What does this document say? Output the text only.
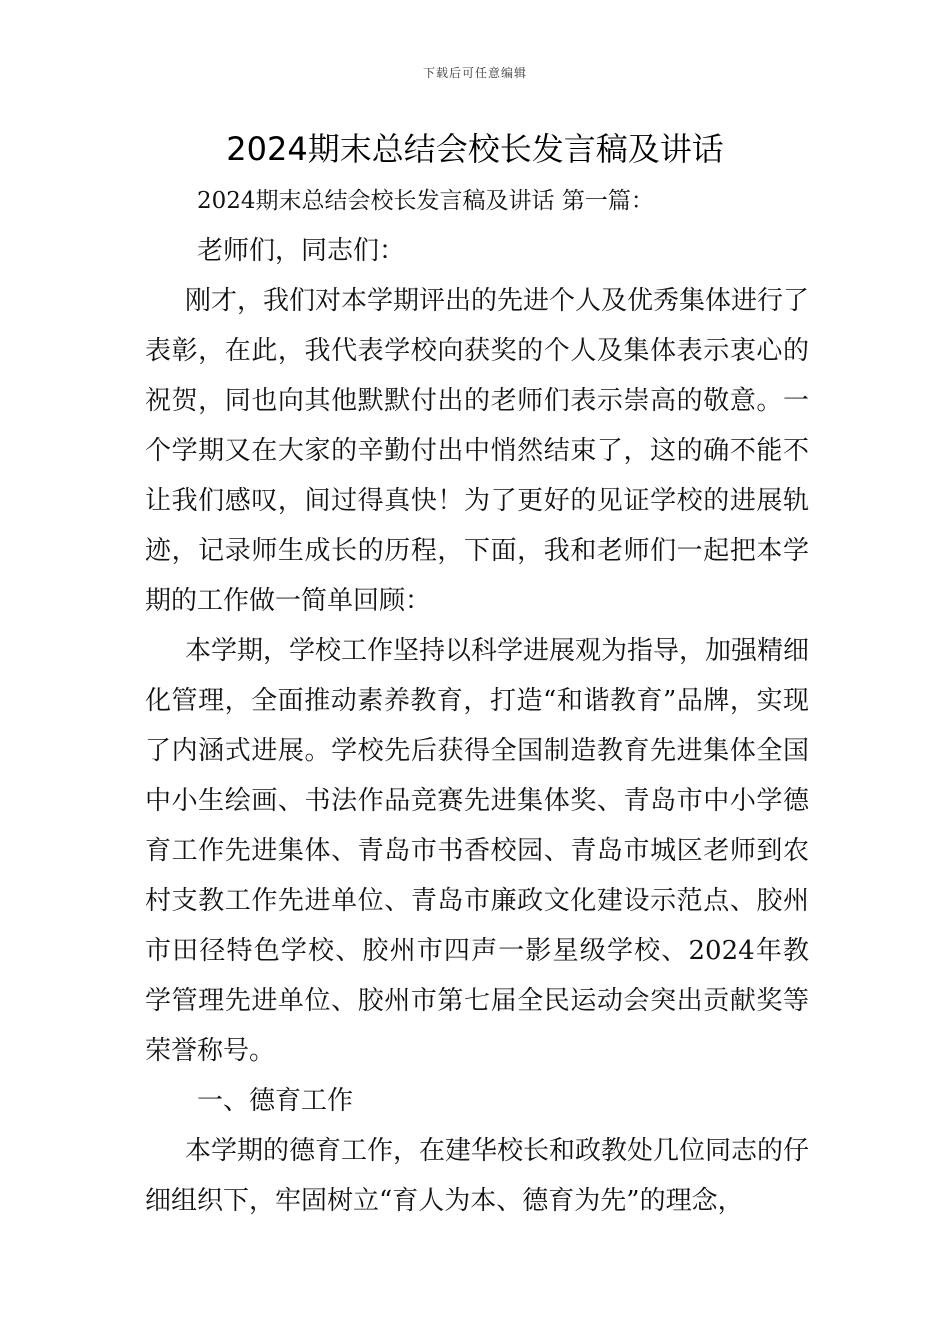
下载后可任意编辑
2024期末总结会校长发言稿及讲话

2024期末总结会校长发言稿及讲话 第一篇：

老师们，同志们：

刚才，我们对本学期评出的先进个人及优秀集体进行了表彰，在此，我代表学校向获奖的个人及集体表示衷心的祝贺，同也向其他默默付出的老师们表示崇高的敬意。一个学期又在大家的辛勤付出中悄然结束了，这的确不能不让我们感叹，间过得真快！为了更好的见证学校的进展轨迹，记录师生成长的历程，下面，我和老师们一起把本学期的工作做一简单回顾：

本学期，学校工作坚持以科学进展观为指导，加强精细化管理，全面推动素养教育，打造“和谐教育”品牌，实现了内涵式进展。学校先后获得全国制造教育先进集体全国中小生绘画、书法作品竞赛先进集体奖、青岛市中小学德育工作先进集体、青岛市书香校园、青岛市城区老师到农村支教工作先进单位、青岛市廉政文化建设示范点、胶州市田径特色学校、胶州市四声一影星级学校、2024年教学管理先进单位、胶州市第七届全民运动会突出贡献奖等荣誉称号。

一、德育工作

本学期的德育工作，在建华校长和政教处几位同志的仔细组织下，牢固树立“育人为本、德育为先”的理念，
